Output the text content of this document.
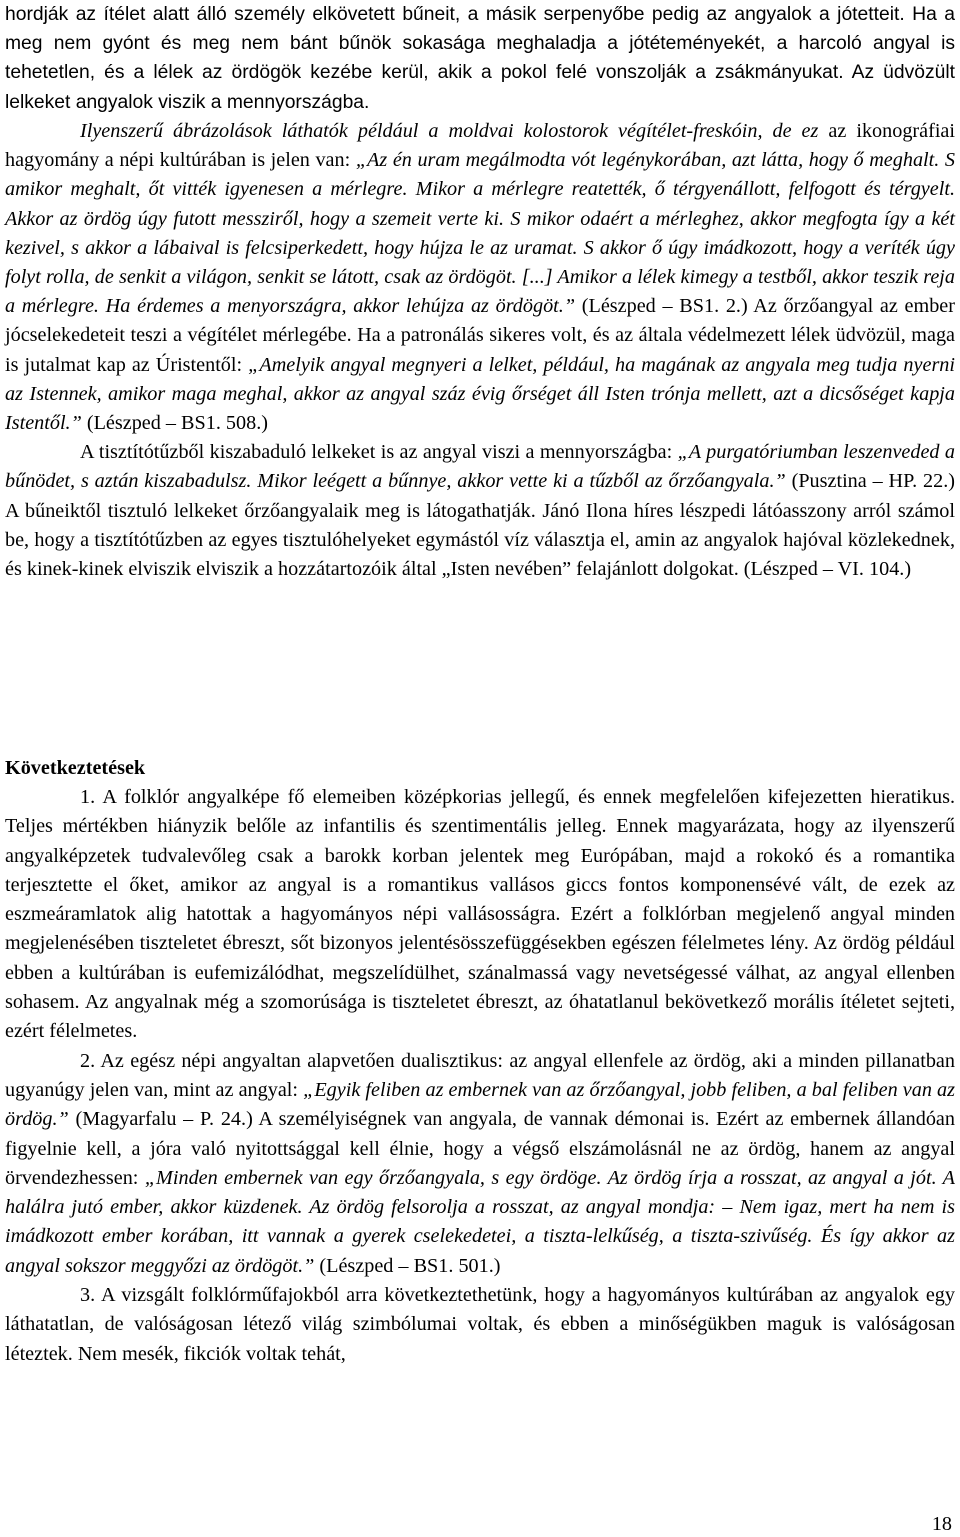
hordják az ítélet alatt álló személy elkövetett bűneit, a másik serpenyőbe pedig az angyalok a jótetteit. Ha a meg nem gyónt és meg nem bánt bűnök sokasága meghaladja a jótéteményekét, a harcoló angyal is tehetetlen, és a lélek az ördögök kezébe kerül, akik a pokol felé vonszolják a zsákmányukat. Az üdvözült lelkeket angyalok viszik a mennyországba.

Ilyenszerű ábrázolások láthatók például a moldvai kolostorok végítélet-freskóin, de ez az ikonográfiai hagyomány a népi kultúrában is jelen van: „Az én uram megálmodta vót legénykorában, azt látta, hogy ő meghalt. S amikor meghalt, őt vitték igyenesen a mérlegre. Mikor a mérlegre reatették, ő térgyenállott, felfogott és térgyelt. Akkor az ördög úgy futott messziről, hogy a szemeit verte ki. S mikor odaért a mérleghez, akkor megfogta így a két kezivel, s akkor a lábaival is felcsiperkedett, hogy hújza le az uramat. S akkor ő úgy imádkozott, hogy a veríték úgy folyt rolla, de senkit a világon, senkit se látott, csak az ördögöt. [...] Amikor a lélek kimegy a testből, akkor teszik reja a mérlegre. Ha érdemes a menyországra, akkor lehújza az ördögöt.” (Lészped – BS1. 2.) Az őrzőangyal az ember jócselekedeteit teszi a végítélet mérlegébe. Ha a patronálás sikeres volt, és az általa védelmezett lélek üdvözül, maga is jutalmat kap az Úristentől: „Amelyik angyal megnyeri a lelket, például, ha magának az angyala meg tudja nyerni az Istennek, amikor maga meghal, akkor az angyal száz évig őrséget áll Isten trónja mellett, azt a dicsőséget kapja Istentől.” (Lészped – BS1. 508.)

A tisztítótűzből kiszabaduló lelkeket is az angyal viszi a mennyországba: „A purgatóriumban leszenveded a bűnödet, s aztán kiszabadulsz. Mikor leégett a bűnnye, akkor vette ki a tűzből az őrzőangyala.” (Pusztina – HP. 22.) A bűneiktől tisztuló lelkeket őrzőangyalaik meg is látogathatják. Jánó Ilona híres lészpedi látóasszony arról számol be, hogy a tisztítótűzben az egyes tisztulóhelyeket egymástól víz választja el, amin az angyalok hajóval közlekednek, és kinek-kinek elviszik elviszik a hozzátartozóik által „Isten nevében” felajánlott dolgokat. (Lészped – VI. 104.)

Következtetések

1. A folklór angyalképe fő elemeiben középkorias jellegű, és ennek megfelelően kifejezetten hieratikus. Teljes mértékben hiányzik belőle az infantilis és szentimentális jelleg. Ennek magyarázata, hogy az ilyenszerű angyalképzetek tudvalevőleg csak a barokk korban jelentek meg Európában, majd a rokokó és a romantika terjesztette el őket, amikor az angyal is a romantikus vallásos giccs fontos komponensévé vált, de ezek az eszmeáramlatok alig hatottak a hagyományos népi vallásosságra. Ezért a folklórban megjelenő angyal minden megjelenésében tiszteletet ébreszt, sőt bizonyos jelentésösszefüggésekben egészen félelmetes lény. Az ördög például ebben a kultúrában is eufemizálódhat, megszelídülhet, szánalmassá vagy nevetségessé válhat, az angyal ellenben sohasem. Az angyalnak még a szomorúsága is tiszteletet ébreszt, az óhatatlanul bekövetkező morális ítéletet sejteti, ezért félelmetes.

2. Az egész népi angyaltan alapvetően dualisztikus: az angyal ellenfele az ördög, aki a minden pillanatban ugyanúgy jelen van, mint az angyal: „Egyik feliben az embernek van az őrzőangyal, jobb feliben, a bal feliben van az ördög.” (Magyarfalu – P. 24.) A személyiségnek van angyala, de vannak démonai is. Ezért az embernek állandóan figyelnie kell, a jóra való nyitottsággal kell élnie, hogy a végső elszámolásnál ne az ördög, hanem az angyal örvendezhessen: „Minden embernek van egy őrzőangyala, s egy ördöge. Az ördög írja a rosszat, az angyal a jót. A halálra jutó ember, akkor küzdenek. Az ördög felsorolja a rosszat, az angyal mondja: – Nem igaz, mert ha nem is imádkozott ember korában, itt vannak a gyerek cselekedetei, a tiszta-lelkűség, a tiszta-szivűség. És így akkor az angyal sokszor meggyőzi az ördögöt.” (Lészped – BS1. 501.)

3. A vizsgált folklórműfajokból arra következtethetünk, hogy a hagyományos kultúrában az angyalok egy láthatatlan, de valóságosan létező világ szimbólumai voltak, és ebben a minőségükben maguk is valóságosan léteztek. Nem mesék, fikciók voltak tehát,

18
